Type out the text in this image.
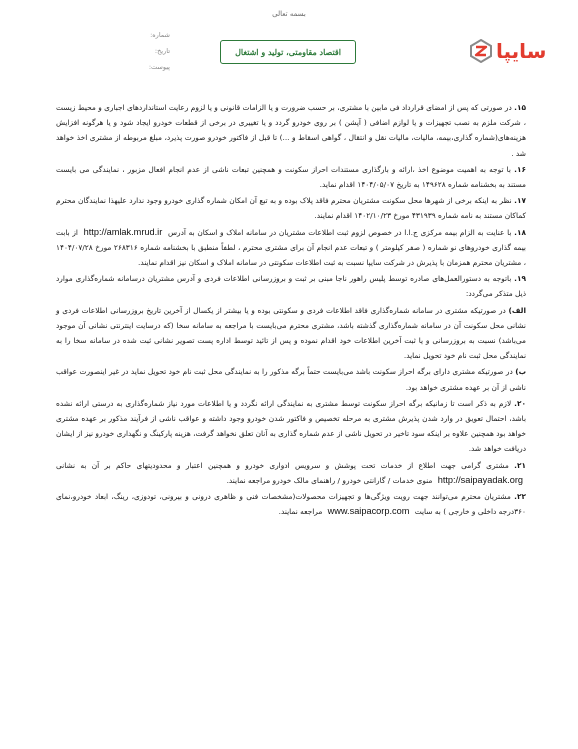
بسمه تعالی
شماره:
تاریخ:
پیوست:
اقتصاد مقاومتی، تولید و اشتغال	سایپا

۱۵. در صورتی که پس از امضای قرارداد فی مابین با مشتری، بر حسب ضرورت و یا الزامات قانونی و یا لزوم رعایت استانداردهای اجباری و محیط زیست ، شرکت ملزم به نصب تجهیزات و یا لوازم اضافی ( آپشن ) بر روی خودرو گردد و یا تغییری در برخی از قطعات خودرو ایجاد شود و یا هرگونه افزایش هزینه‌های(شماره گذاری،بیمه، مالیات، مالیات نقل و انتقال ، گواهی اسقاط و ...) تا قبل از فاکتور خودرو صورت پذیرد، مبلغ مربوطه از مشتری اخذ خواهد شد .

۱۶. با توجه به اهمیت موضوع اخذ ،ارائه و بارگذاری مستندات احراز سکونت و همچنین تبعات ناشی از عدم انجام افعال مزبور ، نمایندگی می بایست مستند به بخشنامه شماره ۱۴۹۶۲۸ به تاریخ ۱۴۰۴/۰۵/۰۷ اقدام نماید.

۱۷. نظر به اینکه برخی از شهرها محل سکونت مشتریان محترم فاقد پلاک بوده و به تبع آن امکان شماره گذاری خودرو وجود ندارد علیهذا نمایندگان محترم کماکان مستند به نامه شماره ۴۳۱۹۳۹ مورخ ۱۴۰۲/۱۰/۲۳ اقدام نمایند.

۱۸. با عنایت به الزام بیمه مرکزی ج.ا.ا در خصوص لزوم ثبت اطلاعات مشتریان در سامانه املاک و اسکان به آدرس http://amlak.mrud.ir از بابت بیمه گذاری خودروهای نو شماره ( صفر کیلومتر ) و تبعات عدم انجام آن برای مشتری محترم ، لطفاً منطبق با بخشنامه شماره ۲۶۸۳۱۶ مورخ ۱۴۰۴/۰۷/۲۸ ، مشتریان محترم همزمان با پذیرش در شرکت سایپا نسبت به ثبت اطلاعات سکونتی در سامانه املاک و اسکان نیز اقدام نمایند.

۱۹. باتوجه به دستورالعمل‌های صادره توسط پلیس راهور ناجا مبنی بر ثبت و بروزرسانی اطلاعات فردی و آدرس مشتریان درسامانه شماره‌گذاری موارد ذیل متذکر می‌گردد:

الف) در صورتیکه مشتری در سامانه شماره‌گذاری فاقد اطلاعات فردی و سکونتی بوده و یا بیشتر از یکسال از آخرین تاریخ بروزرسانی اطلاعات فردی و نشانی محل سکونت آن در سامانه شماره‌گذاری گذشته باشد، مشتری محترم می‌بایست با مراجعه به سامانه سخا (که درسایت اینترنتی نشانی آن موجود می‌باشد) نسبت به بروزرسانی و یا ثبت آخرین اطلاعات خود اقدام نموده و پس از تائید توسط اداره پست تصویر نشانی ثبت شده در سامانه سخا را به نمایندگی محل ثبت نام خود تحویل نماید.

ب) در صورتیکه مشتری دارای برگه احراز سکونت باشد می‌بایست حتماً برگه مذکور را به نمایندگی محل ثبت نام خود تحویل نماید در غیر اینصورت عواقب ناشی از آن بر عهده مشتری خواهد بود.

۲۰. لازم به ذکر است تا زمانیکه برگه احراز سکونت توسط مشتری به نمایندگی ارائه نگردد و یا اطلاعات مورد نیاز شماره‌گذاری به درستی ارائه نشده باشد، احتمال تعویق در وارد شدن پذیرش مشتری به مرحله تخصیص و فاکتور شدن خودرو وجود داشته و عواقب ناشی از فرآیند مذکور بر عهده مشتری خواهد بود همچنین علاوه بر اینکه سود تاخیر در تحویل ناشی از عدم شماره گذاری به آنان تعلق نخواهد گرفت، هزینه پارکینگ و نگهداری خودرو نیز از ایشان دریافت خواهد شد.

۲۱. مشتری گرامی جهت اطلاع از خدمات تحت پوشش و سرویس ادواری خودرو و همچنین اعتبار و محدودیتهای حاکم بر آن به نشانی http://saipayadak.org منوی خدمات / گارانتی خودرو / راهنمای مالک خودرو مراجعه نمایند.

۲۲. مشتریان محترم می‌توانند جهت رویت ویژگی‌ها و تجهیزات محصولات(مشخصات فنی و ظاهری درونی و بیرونی، تودوزی، رینگ، ابعاد خودرو،نمای ۳۶۰درجه داخلی و خارجی ) به سایت www.saipacorp.com مراجعه نمایند.
